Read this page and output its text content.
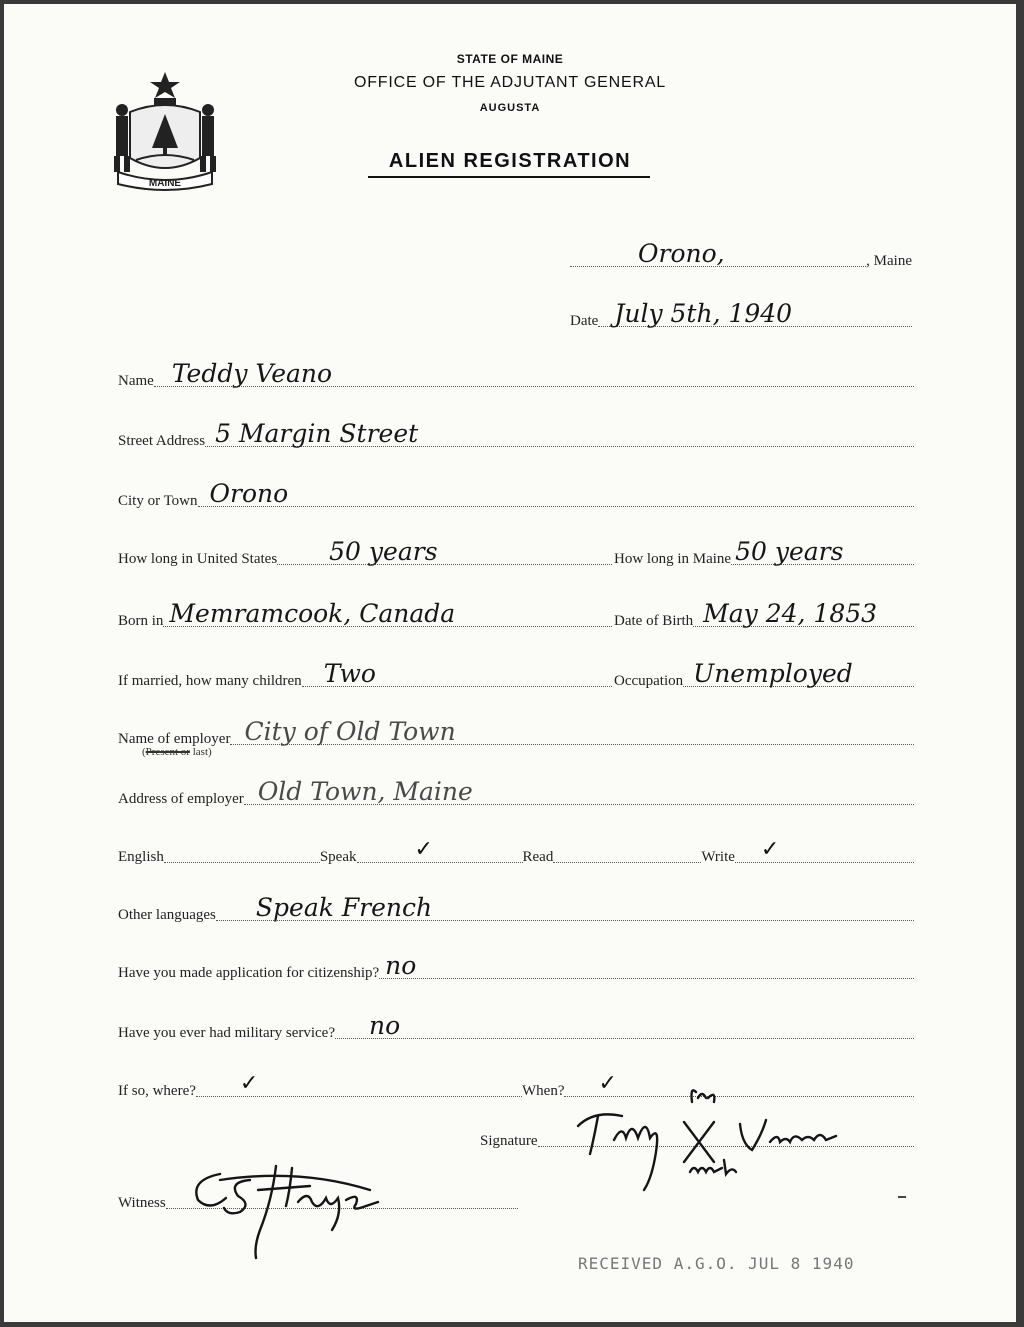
MAINE
STATE OF MAINE
OFFICE OF THE ADJUTANT GENERAL
AUGUSTA
ALIEN REGISTRATION
Orono,	, Maine
Date July 5th, 1940
Name Teddy Veano
Street Address 5 Margin Street
City or Town Orono
How long in United States 50 years	How long in Maine 50 years
Born in Memramcook, Canada	Date of Birth May 24, 1853
If married, how many children Two	Occupation Unemployed
Name of employer City of Old Town
(Present or last)
Address of employer Old Town, Maine
English	Speak	✓	Read	Write ✓
Other languages Speak French
Have you made application for citizenship? no
Have you ever had military service? no
If so, where? ✓	When? ✓
Signature
Witness
RECEIVED A.G.O. JUL 8 1940
